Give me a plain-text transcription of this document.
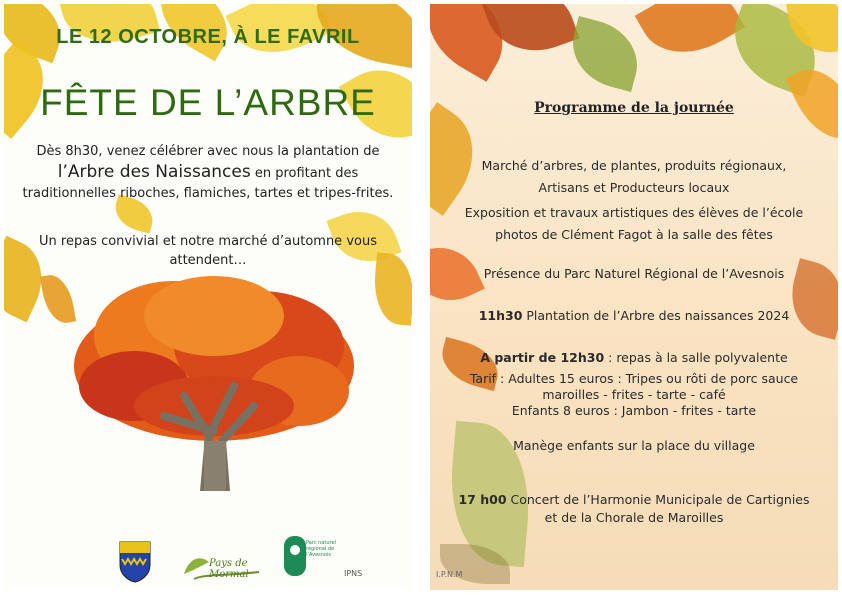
LE 12 OCTOBRE, À LE FAVRIL
FÊTE DE L’ARBRE
Dès 8h30, venez célébrer avec nous la plantation de
l’Arbre des Naissances en profitant des traditionnelles riboches, flamiches, tartes et tripes-frites.
Un repas convivial et notre marché d’automne vous attendent…
Pays de Mormal
Parc naturel régional de l’Avesnois
IPNS
Programme de la journée
Marché d’arbres, de plantes, produits régionaux,
Artisans et Producteurs locaux
Exposition et travaux artistiques des élèves de l’école
photos de Clément Fagot à la salle des fêtes
Présence du Parc Naturel Régional de l’Avesnois
11h30 Plantation de l’Arbre des naissances 2024
A partir de 12h30 : repas à la salle polyvalente
Tarif : Adultes 15 euros : Tripes ou rôti de porc sauce
maroilles - frites - tarte - café
Enfants 8 euros : Jambon - frites - tarte
Manège enfants sur la place du village
17 h00 Concert de l’Harmonie Municipale de Cartignies
et de la Chorale de Maroilles
I.P.N.M
